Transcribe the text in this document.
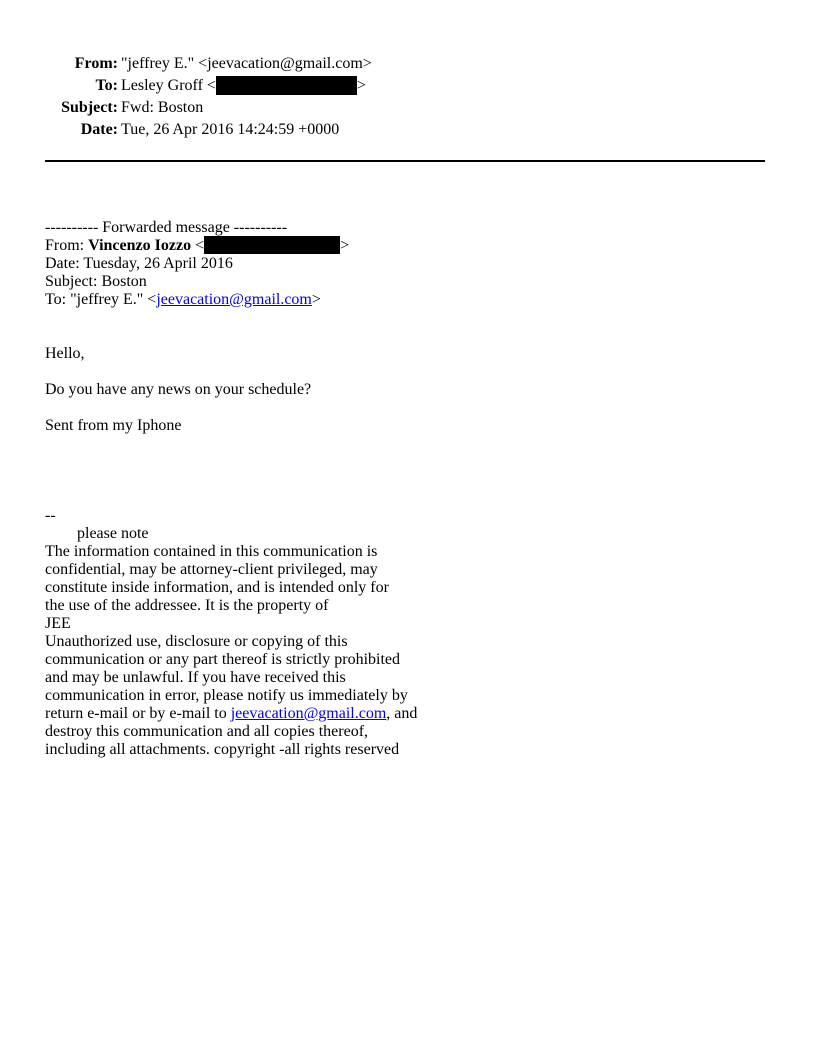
From: "jeffrey E." <jeevacation@gmail.com>
To: Lesley Groff <	>
Subject: Fwd: Boston
Date: Tue, 26 Apr 2016 14:24:59 +0000
---------- Forwarded message ----------
From: Vincenzo Iozzo <	>
Date: Tuesday, 26 April 2016
Subject: Boston
To: "jeffrey E." <jeevacation@gmail.com>
Hello,
Do you have any news on your schedule?
Sent from my Iphone
--
please note
The information contained in this communication is
confidential, may be attorney-client privileged, may
constitute inside information, and is intended only for
the use of the addressee. It is the property of
JEE
Unauthorized use, disclosure or copying of this
communication or any part thereof is strictly prohibited
and may be unlawful. If you have received this
communication in error, please notify us immediately by
return e-mail or by e-mail to jeevacation@gmail.com, and
destroy this communication and all copies thereof,
including all attachments. copyright -all rights reserved
